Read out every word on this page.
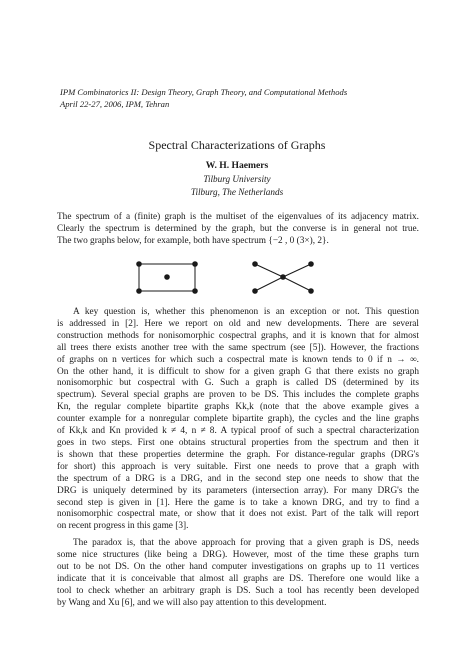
IPM Combinatorics II: Design Theory, Graph Theory, and Computational Methods
April 22-27, 2006, IPM, Tehran
Spectral Characterizations of Graphs
W. H. Haemers
Tilburg University
Tilburg, The Netherlands
The spectrum of a (finite) graph is the multiset of the eigenvalues of its adjacency matrix.
Clearly the spectrum is determined by the graph, but the converse is in general not true.
The two graphs below, for example, both have spectrum {−2 , 0 (3×), 2}.
A key question is, whether this phenomenon is an exception or not. This question
is addressed in [2]. Here we report on old and new developments. There are several
construction methods for nonisomorphic cospectral graphs, and it is known that for almost
all trees there exists another tree with the same spectrum (see [5]). However, the fractions
of graphs on n vertices for which such a cospectral mate is known tends to 0 if n → ∞.
On the other hand, it is difficult to show for a given graph G that there exists no graph
nonisomorphic but cospectral with G. Such a graph is called DS (determined by its
spectrum). Several special graphs are proven to be DS. This includes the complete graphs
Kn, the regular complete bipartite graphs Kk,k (note that the above example gives a
counter example for a nonregular complete bipartite graph), the cycles and the line graphs
of Kk,k and Kn provided k ≠ 4, n ≠ 8. A typical proof of such a spectral characterization
goes in two steps. First one obtains structural properties from the spectrum and then it
is shown that these properties determine the graph. For distance-regular graphs (DRG's
for short) this approach is very suitable. First one needs to prove that a graph with
the spectrum of a DRG is a DRG, and in the second step one needs to show that the
DRG is uniquely determined by its parameters (intersection array). For many DRG's the
second step is given in [1]. Here the game is to take a known DRG, and try to find a
nonisomorphic cospectral mate, or show that it does not exist. Part of the talk will report
on recent progress in this game [3].
The paradox is, that the above approach for proving that a given graph is DS, needs
some nice structures (like being a DRG). However, most of the time these graphs turn
out to be not DS. On the other hand computer investigations on graphs up to 11 vertices
indicate that it is conceivable that almost all graphs are DS. Therefore one would like a
tool to check whether an arbitrary graph is DS. Such a tool has recently been developed
by Wang and Xu [6], and we will also pay attention to this development.
